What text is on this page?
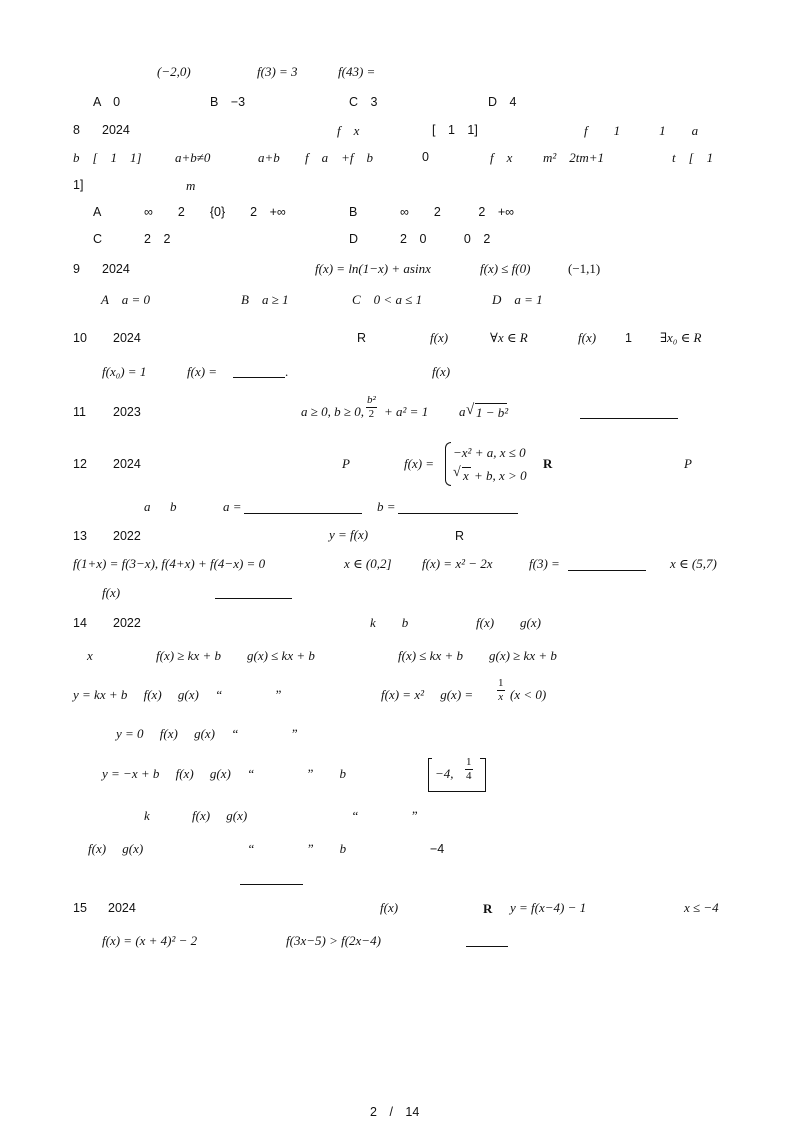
(−2,0)	f(3) = 3	f(43) =
A　0	B　−3	C　3	D　4
8 2024	f　x	[　1　1]	f　　1　　　1　　a
b　[　1　1]	a+b≠0	a+b f　a　+f　b	0	f　x m²　2tm+1	t　[　1
1]	m
A	∞　　2　　{0}　　2　+∞	B	∞　　2　　　2　+∞
C	2　2	D	2　0　　　0　2
9 2024	f(x) = ln(1−x) + asinx	f(x) ≤ f(0)	(−1,1)
A　a = 0	B　a ≥ 1	C　0 < a ≤ 1	D　a = 1
10 2024	R	f(x)	∀x ∈ R	f(x) 1 ∃x₀ ∈ R
f(x₀) = 1	f(x) =	.	f(x)
11 2023	a ≥ 0, b ≥ 0, $\frac{\text{b²}}{2} + a^2 = 1$ a √ 1 − b²
12 2024	P	f(x) =
−x² + a, x ≤ 0
√ x + b, x > 0
R	P
a b	a =	b =
13 2022	y = f(x)	R
f(1+x) = f(3−x), f(4+x) + f(4−x) = 0	x ∈ (0,2] f(x) = x² − 2x	f(3) =	x ∈ (5,7)
f(x)
14 2022	k　　b	f(x)　　g(x)
x	f(x) ≥ kx + b　　g(x) ≤ kx + b	f(x) ≤ kx + b　　g(x) ≥ kx + b
y = kx + b　 f(x)　 g(x)　 “　　　　”	f(x) = x²　 $g(x) = \frac{1}{x} (x < 0)$
y = 0　 f(x)　 g(x)　 “　　　　”
y = −x + b　 f(x)　 g(x)　 “　　　　”　　b	−4, $\frac{1}{4}$
k　　　 f(x)　 g(x)　　　　　　　　“　　　　”
f(x)　 g(x)　　　　　　　　“　　　　”　　b	−4
15 2024	f(x)	R y = f(x−4) − 1	x ≤ −4
f(x) = (x + 4)² − 2	f(3x−5) > f(2x−4)
2　/　14
